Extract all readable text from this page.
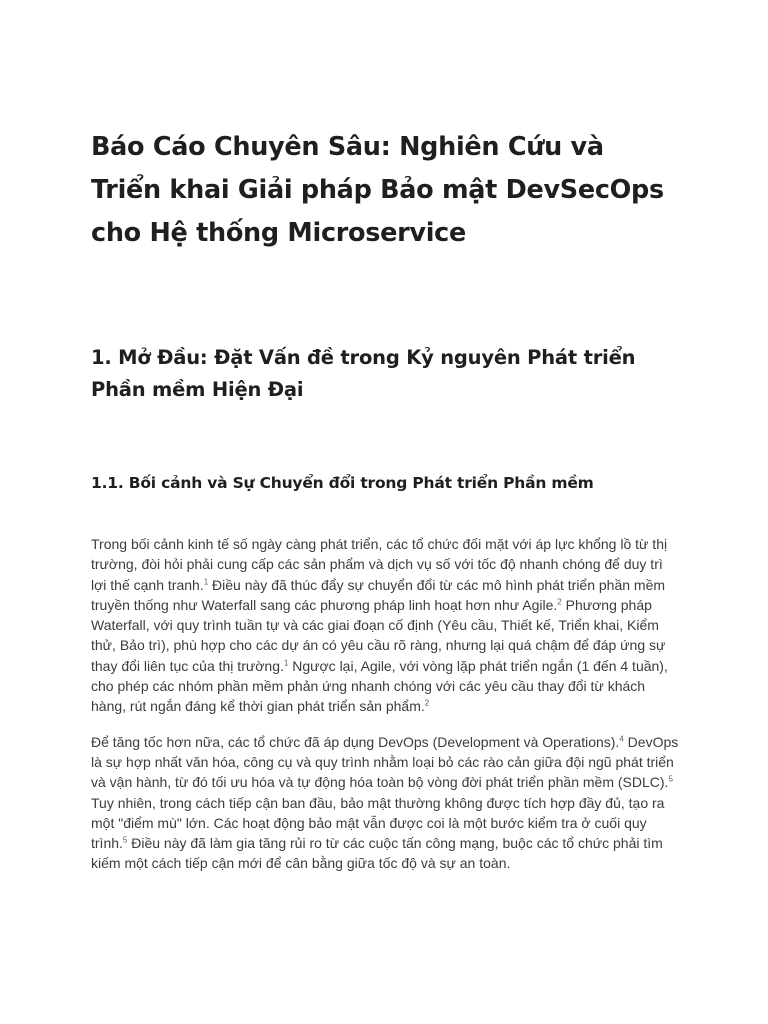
Báo Cáo Chuyên Sâu: Nghiên Cứu và Triển khai Giải pháp Bảo mật DevSecOps cho Hệ thống Microservice
1. Mở Đầu: Đặt Vấn đề trong Kỷ nguyên Phát triển Phần mềm Hiện Đại
1.1. Bối cảnh và Sự Chuyển đổi trong Phát triển Phần mềm

Trong bối cảnh kinh tế số ngày càng phát triển, các tổ chức đối mặt với áp lực khổng lồ từ thị trường, đòi hỏi phải cung cấp các sản phẩm và dịch vụ số với tốc độ nhanh chóng để duy trì lợi thế cạnh tranh.$^1$ Điều này đã thúc đẩy sự chuyển đổi từ các mô hình phát triển phần mềm truyền thống như Waterfall sang các phương pháp linh hoạt hơn như Agile.$^2$ Phương pháp Waterfall, với quy trình tuần tự và các giai đoạn cố định (Yêu cầu, Thiết kế, Triển khai, Kiểm thử, Bảo trì), phù hợp cho các dự án có yêu cầu rõ ràng, nhưng lại quá chậm để đáp ứng sự thay đổi liên tục của thị trường.$^1$ Ngược lại, Agile, với vòng lặp phát triển ngắn (1 đến 4 tuần), cho phép các nhóm phần mềm phản ứng nhanh chóng với các yêu cầu thay đổi từ khách hàng, rút ngắn đáng kể thời gian phát triển sản phẩm.$^2$

Để tăng tốc hơn nữa, các tổ chức đã áp dụng DevOps (Development và Operations).$^4$ DevOps là sự hợp nhất văn hóa, công cụ và quy trình nhằm loại bỏ các rào cản giữa đội ngũ phát triển và vận hành, từ đó tối ưu hóa và tự động hóa toàn bộ vòng đời phát triển phần mềm (SDLC).$^5$ Tuy nhiên, trong cách tiếp cận ban đầu, bảo mật thường không được tích hợp đầy đủ, tạo ra một "điểm mù" lớn. Các hoạt động bảo mật vẫn được coi là một bước kiểm tra ở cuối quy trình.$^5$ Điều này đã làm gia tăng rủi ro từ các cuộc tấn công mạng, buộc các tổ chức phải tìm kiếm một cách tiếp cận mới để cân bằng giữa tốc độ và sự an toàn.
